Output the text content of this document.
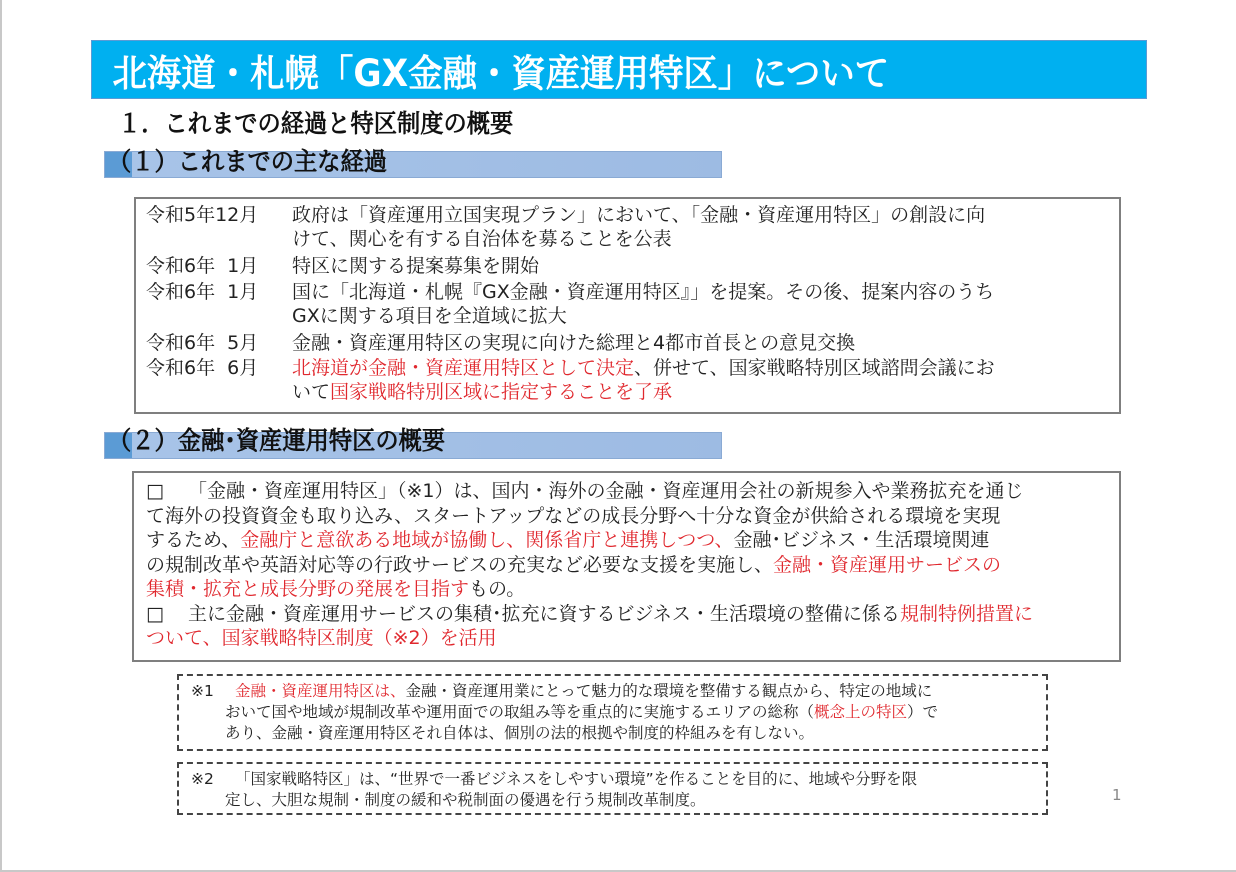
北海道・札幌「GX金融・資産運用特区」について
１．これまでの経過と特区制度の概要
（１）これまでの主な経過
令和5年12月	政府は「資産運用立国実現プラン」において、「金融・資産運用特区」の創設に向
けて、関心を有する自治体を募ることを公表
令和6年  1月	特区に関する提案募集を開始
令和6年  1月	国に「北海道・札幌『GX金融・資産運用特区』」を提案。その後、提案内容のうち
GXに関する項目を全道域に拡大
令和6年  5月	金融・資産運用特区の実現に向けた総理と4都市首長との意見交換
令和6年  6月	北海道が金融・資産運用特区として決定、併せて、国家戦略特別区域諮問会議にお
いて国家戦略特別区域に指定することを了承
（２）金融･資産運用特区の概要
□ 「金融・資産運用特区」（※1）は、国内・海外の金融・資産運用会社の新規参入や業務拡充を通じ
て海外の投資資金も取り込み、スタートアップなどの成長分野へ十分な資金が供給される環境を実現
するため、金融庁と意欲ある地域が協働し、関係省庁と連携しつつ、金融･ビジネス・生活環境関連
の規制改革や英語対応等の行政サービスの充実など必要な支援を実施し、金融・資産運用サービスの
集積・拡充と成長分野の発展を目指すもの。
□ 主に金融・資産運用サービスの集積･拡充に資するビジネス・生活環境の整備に係る規制特例措置に
ついて、国家戦略特区制度（※2）を活用
※1 金融・資産運用特区は、金融・資産運用業にとって魅力的な環境を整備する観点から、特定の地域に
おいて国や地域が規制改革や運用面での取組み等を重点的に実施するエリアの総称（概念上の特区）で
あり、金融・資産運用特区それ自体は、個別の法的根拠や制度的枠組みを有しない。
※2 「国家戦略特区」は、“世界で一番ビジネスをしやすい環境”を作ることを目的に、地域や分野を限
定し、大胆な規制・制度の緩和や税制面の優遇を行う規制改革制度。	1
